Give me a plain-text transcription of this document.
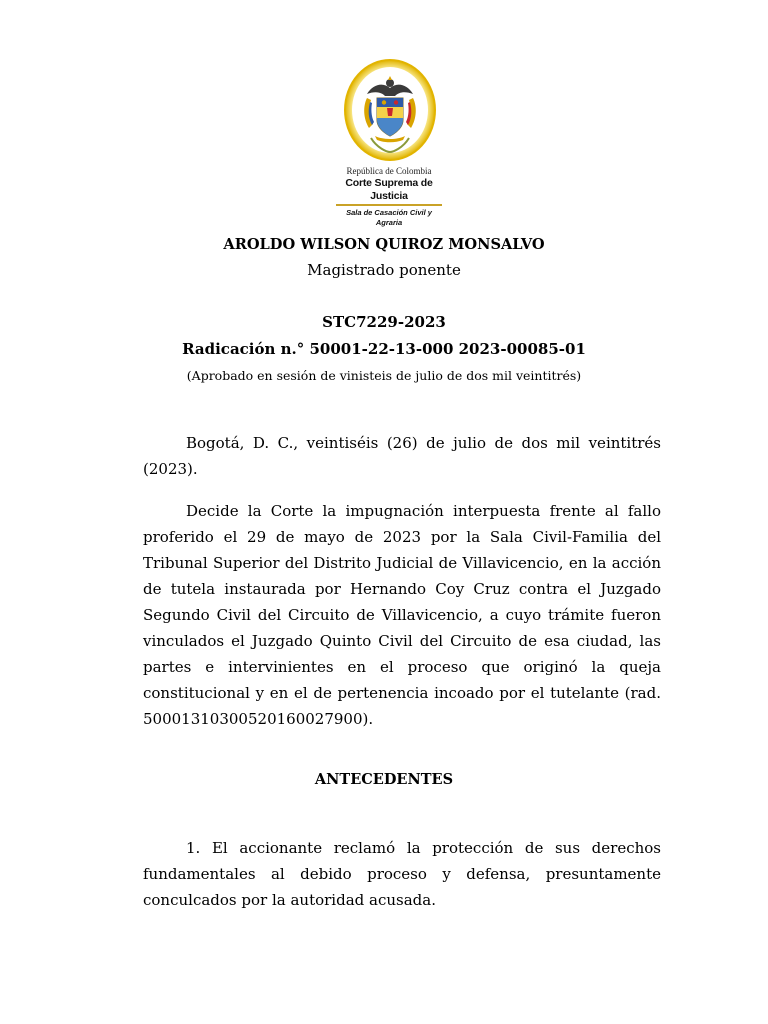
República de Colombia
Corte Suprema de Justicia
Sala de Casación Civil y Agraria
AROLDO WILSON QUIROZ MONSALVO
Magistrado ponente
STC7229-2023
Radicación n.° 50001-22-13-000 2023-00085-01
(Aprobado en sesión de vinisteis de julio de dos mil veintitrés)

Bogotá, D. C., veintiséis (26) de julio de dos mil veintitrés (2023).

Decide la Corte la impugnación interpuesta frente al fallo proferido el 29 de mayo de 2023 por la Sala Civil-Familia del Tribunal Superior del Distrito Judicial de Villavicencio, en la acción de tutela instaurada por Hernando Coy Cruz contra el Juzgado Segundo Civil del Circuito de Villavicencio, a cuyo trámite fueron vinculados el Juzgado Quinto Civil del Circuito de esa ciudad, las partes e intervinientes en el proceso que originó la queja constitucional y en el de pertenencia incoado por el tutelante (rad. 50001310300520160027900).

ANTECEDENTES

1. El accionante reclamó la protección de sus derechos fundamentales al debido proceso y defensa, presuntamente conculcados por la autoridad acusada.
